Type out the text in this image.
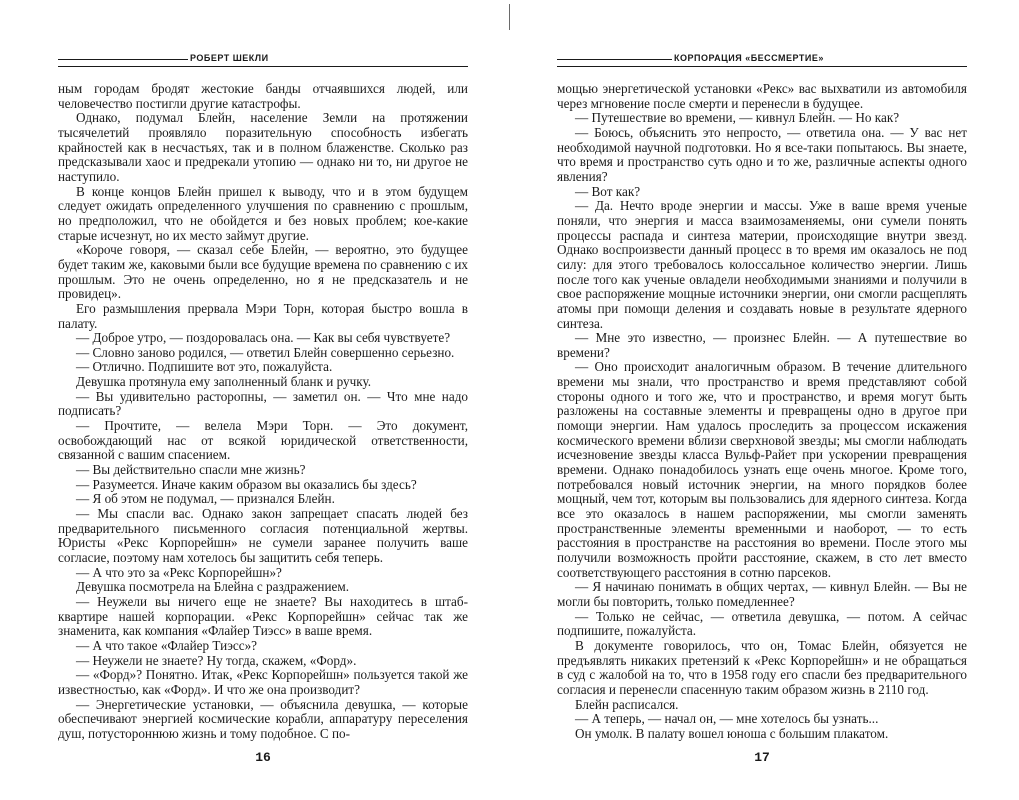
РОБЕРТ ШЕКЛИ

ным городам бродят жестокие банды отчаявшихся людей, или человечество постигли другие катастрофы.

Однако, подумал Блейн, население Земли на протяжении тысячелетий проявляло поразительную способность избегать крайностей как в несчастьях, так и в полном блаженстве. Сколько раз предсказывали хаос и предрекали утопию — однако ни то, ни другое не наступило.

В конце концов Блейн пришел к выводу, что и в этом будущем следует ожидать определенного улучшения по сравнению с прошлым, но предположил, что не обойдется и без новых проблем; кое-какие старые исчезнут, но их место займут другие.

«Короче говоря, — сказал себе Блейн, — вероятно, это будущее будет таким же, каковыми были все будущие времена по сравнению с их прошлым. Это не очень определенно, но я не предсказатель и не провидец».

Его размышления прервала Мэри Торн, которая быстро вошла в палату.

— Доброе утро, — поздоровалась она. — Как вы себя чувствуете?

— Словно заново родился, — ответил Блейн совершенно серьезно.

— Отлично. Подпишите вот это, пожалуйста.

Девушка протянула ему заполненный бланк и ручку.

— Вы удивительно расторопны, — заметил он. — Что мне надо подписать?

— Прочтите, — велела Мэри Торн. — Это документ, освобождающий нас от всякой юридической ответственности, связанной с вашим спасением.

— Вы действительно спасли мне жизнь?

— Разумеется. Иначе каким образом вы оказались бы здесь?

— Я об этом не подумал, — признался Блейн.

— Мы спасли вас. Однако закон запрещает спасать людей без предварительного письменного согласия потенциальной жертвы. Юристы «Рекс Корпорейшн» не сумели заранее получить ваше согласие, поэтому нам хотелось бы защитить себя теперь.

— А что это за «Рекс Корпорейшн»?

Девушка посмотрела на Блейна с раздражением.

— Неужели вы ничего еще не знаете? Вы находитесь в штаб-квартире нашей корпорации. «Рекс Корпорейшн» сейчас так же знаменита, как компания «Флайер Тиэсс» в ваше время.

— А что такое «Флайер Тиэсс»?

— Неужели не знаете? Ну тогда, скажем, «Форд».

— «Форд»? Понятно. Итак, «Рекс Корпорейшн» пользуется такой же известностью, как «Форд». И что же она производит?

— Энергетические установки, — объяснила девушка, — которые обеспечивают энергией космические корабли, аппаратуру переселения душ, потустороннюю жизнь и тому подобное. С по-

16
КОРПОРАЦИЯ «БЕССМЕРТИЕ»

мощью энергетической установки «Рекс» вас выхватили из автомобиля через мгновение после смерти и перенесли в будущее.

— Путешествие во времени, — кивнул Блейн. — Но как?

— Боюсь, объяснить это непросто, — ответила она. — У вас нет необходимой научной подготовки. Но я все-таки попытаюсь. Вы знаете, что время и пространство суть одно и то же, различные аспекты одного явления?

— Вот как?

— Да. Нечто вроде энергии и массы. Уже в ваше время ученые поняли, что энергия и масса взаимозаменяемы, они сумели понять процессы распада и синтеза материи, происходящие внутри звезд. Однако воспроизвести данный процесс в то время им оказалось не под силу: для этого требовалось колоссальное количество энергии. Лишь после того как ученые овладели необходимыми знаниями и получили в свое распоряжение мощные источники энергии, они смогли расщеплять атомы при помощи деления и создавать новые в результате ядерного синтеза.

— Мне это известно, — произнес Блейн. — А путешествие во времени?

— Оно происходит аналогичным образом. В течение длительного времени мы знали, что пространство и время представляют собой стороны одного и того же, что и пространство, и время могут быть разложены на составные элементы и превращены одно в другое при помощи энергии. Нам удалось проследить за процессом искажения космического времени вблизи сверхновой звезды; мы смогли наблюдать исчезновение звезды класса Вульф-Райет при ускорении превращения времени. Однако понадобилось узнать еще очень многое. Кроме того, потребовался новый источник энергии, на много порядков более мощный, чем тот, которым вы пользовались для ядерного синтеза. Когда все это оказалось в нашем распоряжении, мы смогли заменять пространственные элементы временными и наоборот, — то есть расстояния в пространстве на расстояния во времени. После этого мы получили возможность пройти расстояние, скажем, в сто лет вместо соответствующего расстояния в сотню парсеков.

— Я начинаю понимать в общих чертах, — кивнул Блейн. — Вы не могли бы повторить, только помедленнее?

— Только не сейчас, — ответила девушка, — потом. А сейчас подпишите, пожалуйста.

В документе говорилось, что он, Томас Блейн, обязуется не предъявлять никаких претензий к «Рекс Корпорейшн» и не обращаться в суд с жалобой на то, что в 1958 году его спасли без предварительного согласия и перенесли спасенную таким образом жизнь в 2110 год.

Блейн расписался.

— А теперь, — начал он, — мне хотелось бы узнать...

Он умолк. В палату вошел юноша с большим плакатом.

17
